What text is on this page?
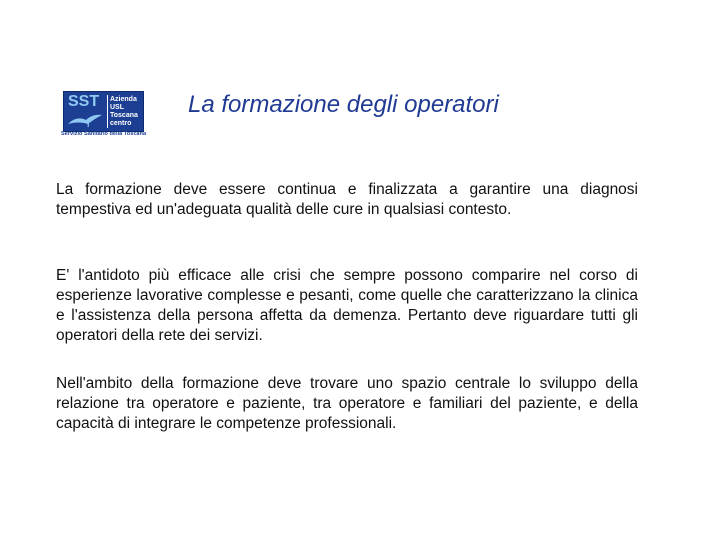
SST Azienda
USL
Toscana
centro
Servizio Sanitario della Toscana
La formazione degli operatori

La formazione deve essere continua e finalizzata a garantire una diagnosi tempestiva ed un'adeguata qualità delle cure in qualsiasi contesto.

E' l'antidoto più efficace alle crisi che sempre possono comparire nel corso di esperienze lavorative complesse e pesanti, come quelle che caratterizzano la clinica e l'assistenza della persona affetta da demenza. Pertanto deve riguardare tutti gli operatori della rete dei servizi.

Nell'ambito della formazione deve trovare uno spazio centrale lo sviluppo della relazione tra operatore e paziente, tra operatore e familiari del paziente, e della capacità di integrare le competenze professionali.
